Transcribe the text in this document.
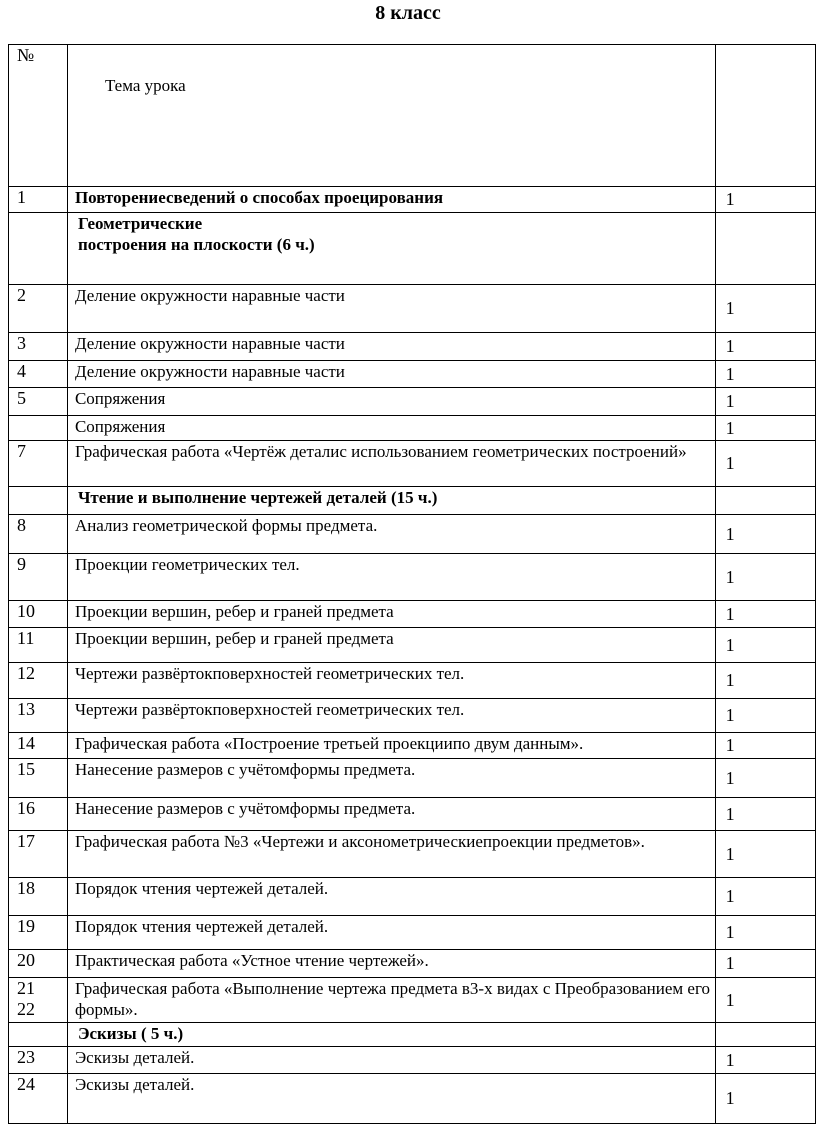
8 класс
№	Тема урока	

1	Повторениесведений о способах проецирования	1
	Геометрические
построения на плоскости (6 ч.)	
2	Деление окружности наравные части	1
3	Деление окружности наравные части	1
4	Деление окружности наравные части	1
5	Сопряжения	1
	Сопряжения	1
7	Графическая работа «Чертёж деталис использованием геометрических построений»	1
	Чтение и выполнение чертежей деталей (15 ч.)	
8	Анализ геометрической формы предмета.	1
9	Проекции геометрических тел.	1
10	Проекции вершин, ребер и граней предмета	1
11	Проекции вершин, ребер и граней предмета	1
12	Чертежи развёртокповерхностей геометрических тел.	1
13	Чертежи развёртокповерхностей геометрических тел.	1
14	Графическая работа «Построение третьей проекциипо двум данным».	1
15	Нанесение размеров с учётомформы предмета.	1
16	Нанесение размеров с учётомформы предмета.	1
17	Графическая работа №3 «Чертежи и аксонометрическиепроекции предметов».	1
18	Порядок чтения чертежей деталей.	1
19	Порядок чтения чертежей деталей.	1
20	Практическая работа «Устное чтение чертежей».	1
21
22	Графическая работа «Выполнение чертежа предмета в3-х видах с Преобразованием его формы».	1
	Эскизы ( 5 ч.)	
23	Эскизы деталей.	1
24	Эскизы деталей.	1
